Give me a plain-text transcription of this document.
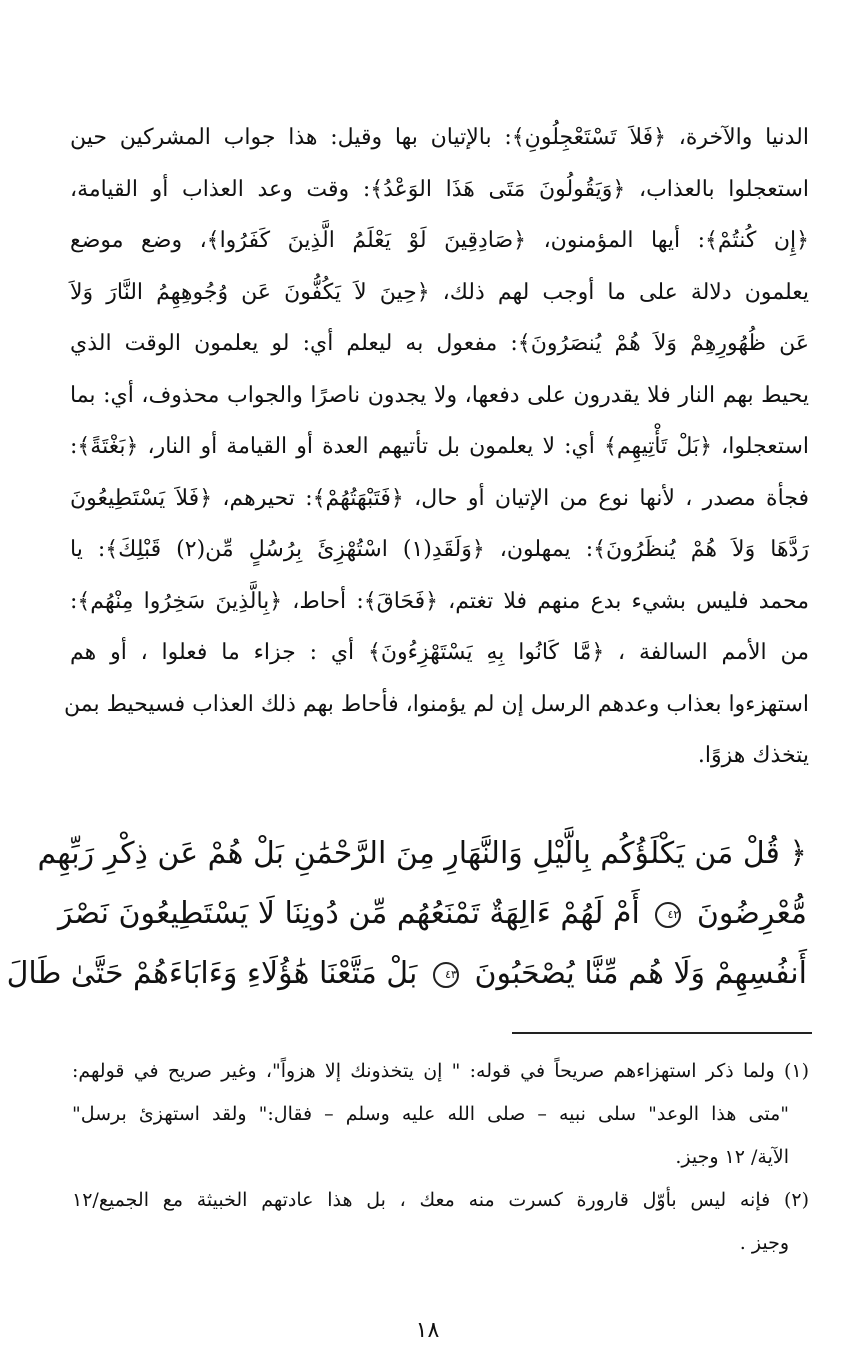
الدنيا والآخرة، ﴿فَلاَ تَسْتَعْجِلُونِ﴾: بالإتيان بها وقيل: هذا جواب المشركين حين
استعجلوا بالعذاب، ﴿وَيَقُولُونَ مَتَى هَذَا الوَعْدُ﴾: وقت وعد العذاب أو القيامة،
﴿إِن كُنتُمْ﴾: أيها المؤمنون، ﴿صَادِقِينَ لَوْ يَعْلَمُ الَّذِينَ كَفَرُوا﴾، وضع موضع
يعلمون دلالة على ما أوجب لهم ذلك، ﴿حِينَ لاَ يَكُفُّونَ عَن وُجُوهِهِمُ النَّارَ وَلاَ
عَن ظُهُورِهِمْ وَلاَ هُمْ يُنصَرُونَ﴾: مفعول به ليعلم أي: لو يعلمون الوقت الذي
يحيط بهم النار فلا يقدرون على دفعها، ولا يجدون ناصرًا والجواب محذوف، أي: بما
استعجلوا، ﴿بَلْ تَأْتِيهِم﴾ أي: لا يعلمون بل تأتيهم العدة أو القيامة أو النار، ﴿بَغْتَةً﴾:
فجأة مصدر ، لأنها نوع من الإتيان أو حال، ﴿فَتَبْهَتُهُمْ﴾: تحيرهم، ﴿فَلاَ يَسْتَطِيعُونَ
رَدَّهَا وَلاَ هُمْ يُنظَرُونَ﴾: يمهلون، ﴿وَلَقَدِ(١) اسْتُهْزِئَ بِرُسُلٍ مِّن(٢) قَبْلِكَ﴾: يا
محمد فليس بشيء بدع منهم فلا تغتم، ﴿فَحَاقَ﴾: أحاط، ﴿بِالَّذِينَ سَخِرُوا مِنْهُم﴾:
من الأمم السالفة ، ﴿مَّا كَانُوا بِهِ يَسْتَهْزِءُونَ﴾ أي : جزاء ما فعلوا ، أو هم
استهزءوا بعذاب وعدهم الرسل إن لم يؤمنوا، فأحاط بهم ذلك العذاب فسيحيط بمن
يتخذك هزوًا.
﴿ قُلْ مَن يَكْلَؤُكُم بِالَّيْلِ وَالنَّهَارِ مِنَ الرَّحْمَٰنِ بَلْ هُمْ عَن ذِكْرِ رَبِّهِم
مُّعْرِضُونَ ٤٢ أَمْ لَهُمْ ءَالِهَةٌ تَمْنَعُهُم مِّن دُونِنَا لَا يَسْتَطِيعُونَ نَصْرَ
أَنفُسِهِمْ وَلَا هُم مِّنَّا يُصْحَبُونَ ٤٣ بَلْ مَتَّعْنَا هَٰؤُلَاءِ وَءَابَاءَهُمْ حَتَّىٰ طَالَ
(١) ولما ذكر استهزاءهم صريحاً في قوله: " إن يتخذونك إلا هزواً"، وغير صريح في قولهم:
"متى هذا الوعد" سلى نبيه – صلى الله عليه وسلم – فقال:" ولقد استهزئ برسل"
الآية/ ١٢ وجيز.
(٢) فإنه ليس بأوّل قارورة كسرت منه معك ، بل هذا عادتهم الخبيثة مع الجميع/١٢
وجيز .
١٨
